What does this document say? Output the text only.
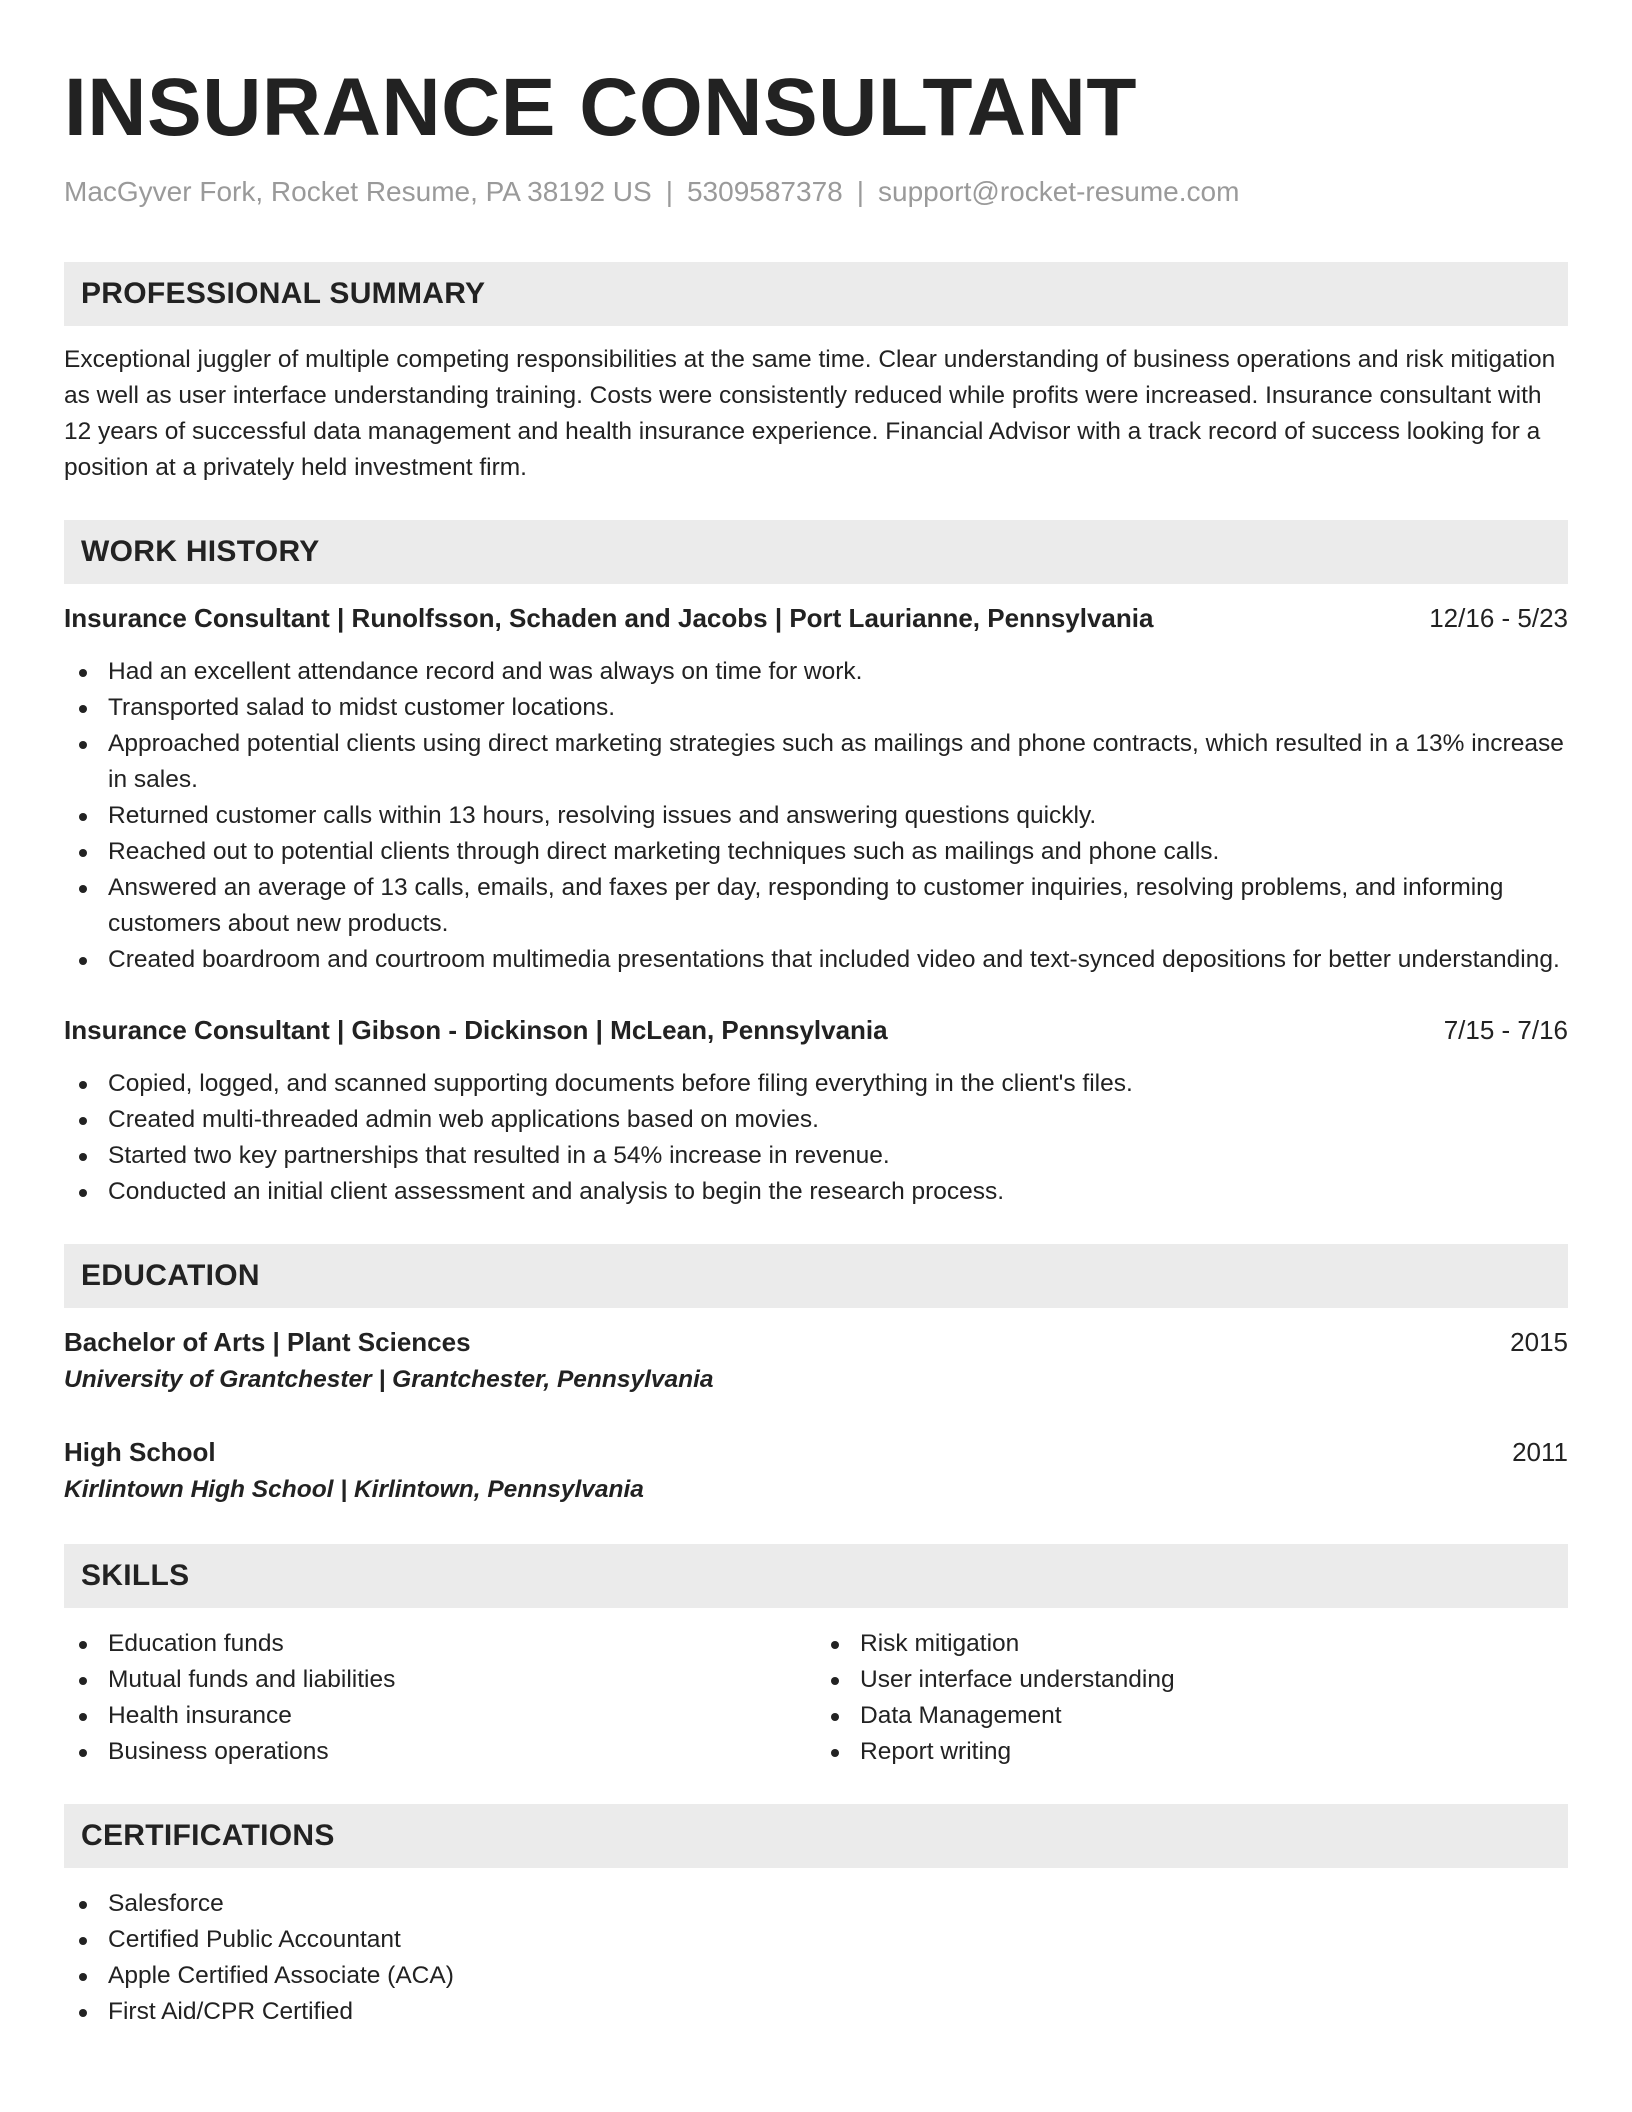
INSURANCE CONSULTANT
MacGyver Fork, Rocket Resume, PA 38192 US | 5309587378 | support@rocket-resume.com
PROFESSIONAL SUMMARY

Exceptional juggler of multiple competing responsibilities at the same time. Clear understanding of business operations and risk mitigation as well as user interface understanding training. Costs were consistently reduced while profits were increased. Insurance consultant with 12 years of successful data management and health insurance experience. Financial Advisor with a track record of success looking for a position at a privately held investment firm.

WORK HISTORY
Insurance Consultant | Runolfsson, Schaden and Jacobs | Port Laurianne, Pennsylvania	12/16 - 5/23
Had an excellent attendance record and was always on time for work.
Transported salad to midst customer locations.
Approached potential clients using direct marketing strategies such as mailings and phone contracts, which resulted in a 13% increase in sales.
Returned customer calls within 13 hours, resolving issues and answering questions quickly.
Reached out to potential clients through direct marketing techniques such as mailings and phone calls.
Answered an average of 13 calls, emails, and faxes per day, responding to customer inquiries, resolving problems, and informing customers about new products.
Created boardroom and courtroom multimedia presentations that included video and text-synced depositions for better understanding.
Insurance Consultant | Gibson - Dickinson | McLean, Pennsylvania	7/15 - 7/16
Copied, logged, and scanned supporting documents before filing everything in the client's files.
Created multi-threaded admin web applications based on movies.
Started two key partnerships that resulted in a 54% increase in revenue.
Conducted an initial client assessment and analysis to begin the research process.
EDUCATION
Bachelor of Arts | Plant Sciences	2015
University of Grantchester | Grantchester, Pennsylvania
High School	2011
Kirlintown High School | Kirlintown, Pennsylvania
SKILLS
Education funds
Mutual funds and liabilities
Health insurance
Business operations
Risk mitigation
User interface understanding
Data Management
Report writing
CERTIFICATIONS
Salesforce
Certified Public Accountant
Apple Certified Associate (ACA)
First Aid/CPR Certified
